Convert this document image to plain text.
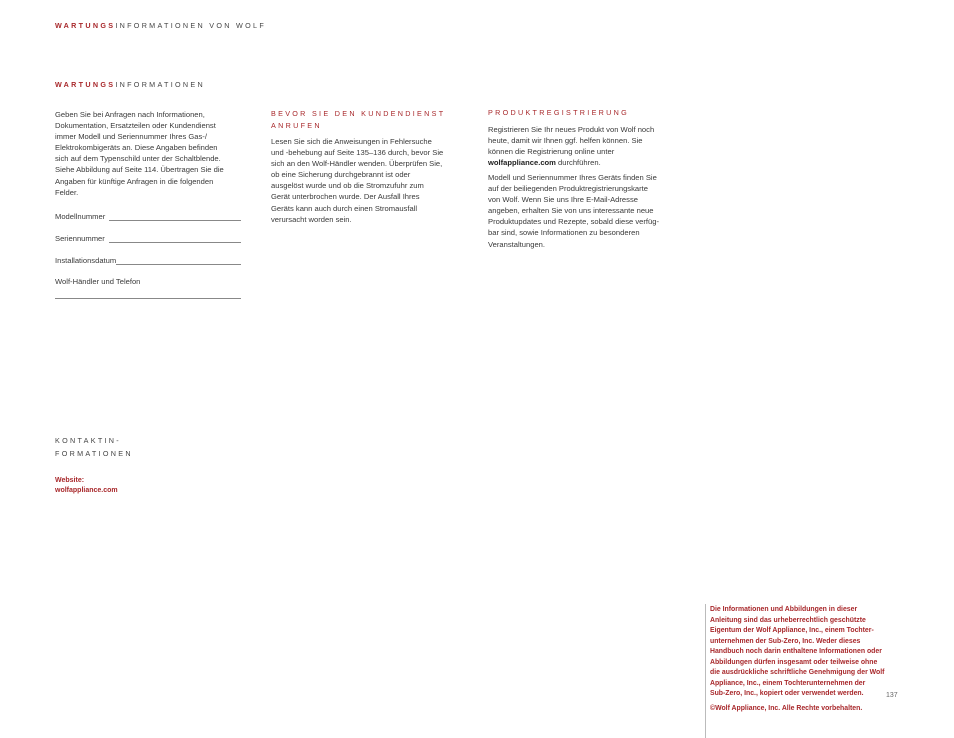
WARTUNGSINFORMATIONEN VON WOLF
WARTUNGSINFORMATIONEN
Geben Sie bei Anfragen nach Informationen,
Dokumentation, Ersatzteilen oder Kundendienst
immer Modell und Seriennummer Ihres Gas-/
Elektrokombigeräts an. Diese Angaben befinden
sich auf dem Typenschild unter der Schaltblende.
Siehe Abbildung auf Seite 114. Übertragen Sie die
Angaben für künftige Anfragen in die folgenden
Felder.
Modellnummer
Seriennummer
Installationsdatum
Wolf-Händler und Telefon
BEVOR SIE DEN KUNDENDIENST
ANRUFEN
Lesen Sie sich die Anweisungen in Fehlersuche
und -behebung auf Seite 135–136 durch, bevor Sie
sich an den Wolf-Händler wenden. Überprüfen Sie,
ob eine Sicherung durchgebrannt ist oder
ausgelöst wurde und ob die Stromzufuhr zum
Gerät unterbrochen wurde. Der Ausfall Ihres
Geräts kann auch durch einen Stromausfall
verursacht worden sein.
PRODUKTREGISTRIERUNG
Registrieren Sie Ihr neues Produkt von Wolf noch
heute, damit wir Ihnen ggf. helfen können. Sie
können die Registrierung online unter
wolfappliance.com durchführen.
Modell und Seriennummer Ihres Geräts finden Sie
auf der beiliegenden Produktregistrierungskarte
von Wolf. Wenn Sie uns Ihre E-Mail-Adresse
angeben, erhalten Sie von uns interessante neue
Produktupdates und Rezepte, sobald diese verfüg-
bar sind, sowie Informationen zu besonderen
Veranstaltungen.
KONTAKTIN-
FORMATIONEN
Website:
wolfappliance.com
Die Informationen und Abbildungen in dieser
Anleitung sind das urheberrechtlich geschützte
Eigentum der Wolf Appliance, Inc., einem Tochter-
unternehmen der Sub-Zero, Inc. Weder dieses
Handbuch noch darin enthaltene Informationen oder
Abbildungen dürfen insgesamt oder teilweise ohne
die ausdrückliche schriftliche Genehmigung der Wolf
Appliance, Inc., einem Tochterunternehmen der
Sub-Zero, Inc., kopiert oder verwendet werden.
©Wolf Appliance, Inc. Alle Rechte vorbehalten.
137
